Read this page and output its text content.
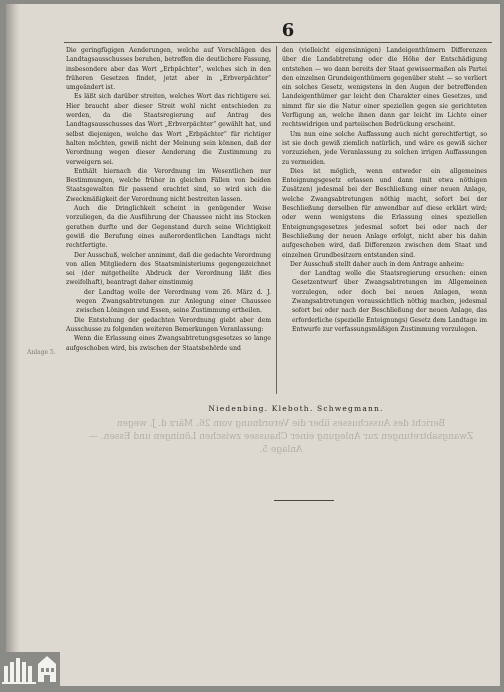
6

Die geringfügigen Aenderungen, welche auf Vorschlägen des Landtagsausschusses beruhen, betreffen die deutlichere Fassung, insbesondere aber das Wort „Erbpächter“, welches sich in den früheren Gesetzen findet, jetzt aber in „Erbverpächter“ umgeändert ist.

Es läßt sich darüber streiten, welches Wort das richtigere sei. Hier braucht aber dieser Streit wohl nicht entschieden zu werden, da die Staatsregierung auf Antrag des Landtagsausschusses das Wort „Erbverpächter“ gewählt hat, und selbst diejenigen, welche das Wort „Erbpächter“ für richtiger halten möchten, gewiß nicht der Meinung sein können, daß der Verordnung wegen dieser Aenderung die Zustimmung zu verweigern sei.

Enthält hiernach die Verordnung im Wesentlichen nur Bestimmungen, welche früher in gleichen Fällen von beiden Staatsgewalten für passend erachtet sind, so wird sich die Zweckmäßigkeit der Verordnung nicht bestreiten lassen.

Auch die Dringlichkeit scheint in genügender Weise vorzuliegen, da die Ausführung der Chaussee nicht ins Stocken gerathen durfte und der Gegenstand durch seine Wichtigkeit gewiß die Berufung eines außerordentlichen Landtags nicht rechtfertigte.

Der Ausschuß, welcher annimmt, daß die gedachte Verordnung von allen Mitgliedern des Staatsministeriums gegengezeichnet sei (der mitgetheilte Abdruck der Verordnung läßt dies zweifelhaft), beantragt daher einstimmig

der Landtag wolle der Verordnung vom 26. März d. J. wegen Zwangsabtretungen zur Anlegung einer Chaussee zwischen Löningen und Essen, seine Zustimmung ertheilen.

Die Entstehung der gedachten Verordnung giebt aber dem Ausschusse zu folgenden weiteren Bemerkungen Veranlassung:

Wenn die Erlassung eines Zwangsabtretungsgesetzes so lange aufgeschoben wird, bis zwischen der Staatsbehörde und

den (vielleicht eigensinnigen) Landeigenthümern Differenzen über die Landabtretung oder die Höhe der Entschädigung entstehen — wo dann bereits der Staat gewissermaßen als Partei den einzelnen Grundeigenthümern gegenüber steht — so verliert ein solches Gesetz, wenigstens in den Augen der betreffenden Landeigenthümer gar leicht den Charakter eines Gesetzes, und nimmt für sie die Natur einer speziellen gegen sie gerichteten Verfügung an, welche ihnen dann gar leicht im Lichte einer rechtswidrigen und parteiischen Bedrückung erscheint.

Um nun eine solche Auffassung auch nicht gerechtfertigt, so ist sie doch gewiß ziemlich natürlich, und wäre es gewiß sicher vorzuziehen, jede Veranlassung zu solchen irrigen Auffassungen zu vermeiden.

Dies ist möglich, wenn entweder ein allgemeines Enteignungsgesetz erlassen und dann (mit etwa nöthigen Zusätzen) jedesmal bei der Beschließung einer neuen Anlage, welche Zwangsabtretungen nöthig macht, sofort bei der Beschließung derselben für anwendbar auf diese erklärt wird; oder wenn wenigstens die Erlassung eines speziellen Enteignungsgesetzes jedesmal sofort bei oder nach der Beschließung der neuen Anlage erfolgt, nicht aber bis dahin aufgeschoben wird, daß Differenzen zwischen dem Staat und einzelnen Grundbesitzern entstanden sind.

Der Ausschuß stellt daher auch in dem Antrage anheim:

der Landtag wolle die Staatsregierung ersuchen: einen Gesetzentwurf über Zwangsabtretungen im Allgemeinen vorzulegen, oder doch bei neuen Anlagen, wenn Zwangsabtretungen voraussichtlich nöthig machen, jedesmal sofort bei oder nach der Beschließung der neuen Anlage, das erforderliche (spezielle Enteignungs) Gesetz dem Landtage im Entwurfe zur verfassungsmäßigen Zustimmung vorzulegen.

Anlage 5.
Niedenbing. Kleboth. Schwegmann.
Bericht des Ausschusses über die Verordnung vom 26. März d. J. wegen Zwangsabtretungen zur Anlegung einer Chaussee zwischen Löningen und Essen. — Anlage 5.
